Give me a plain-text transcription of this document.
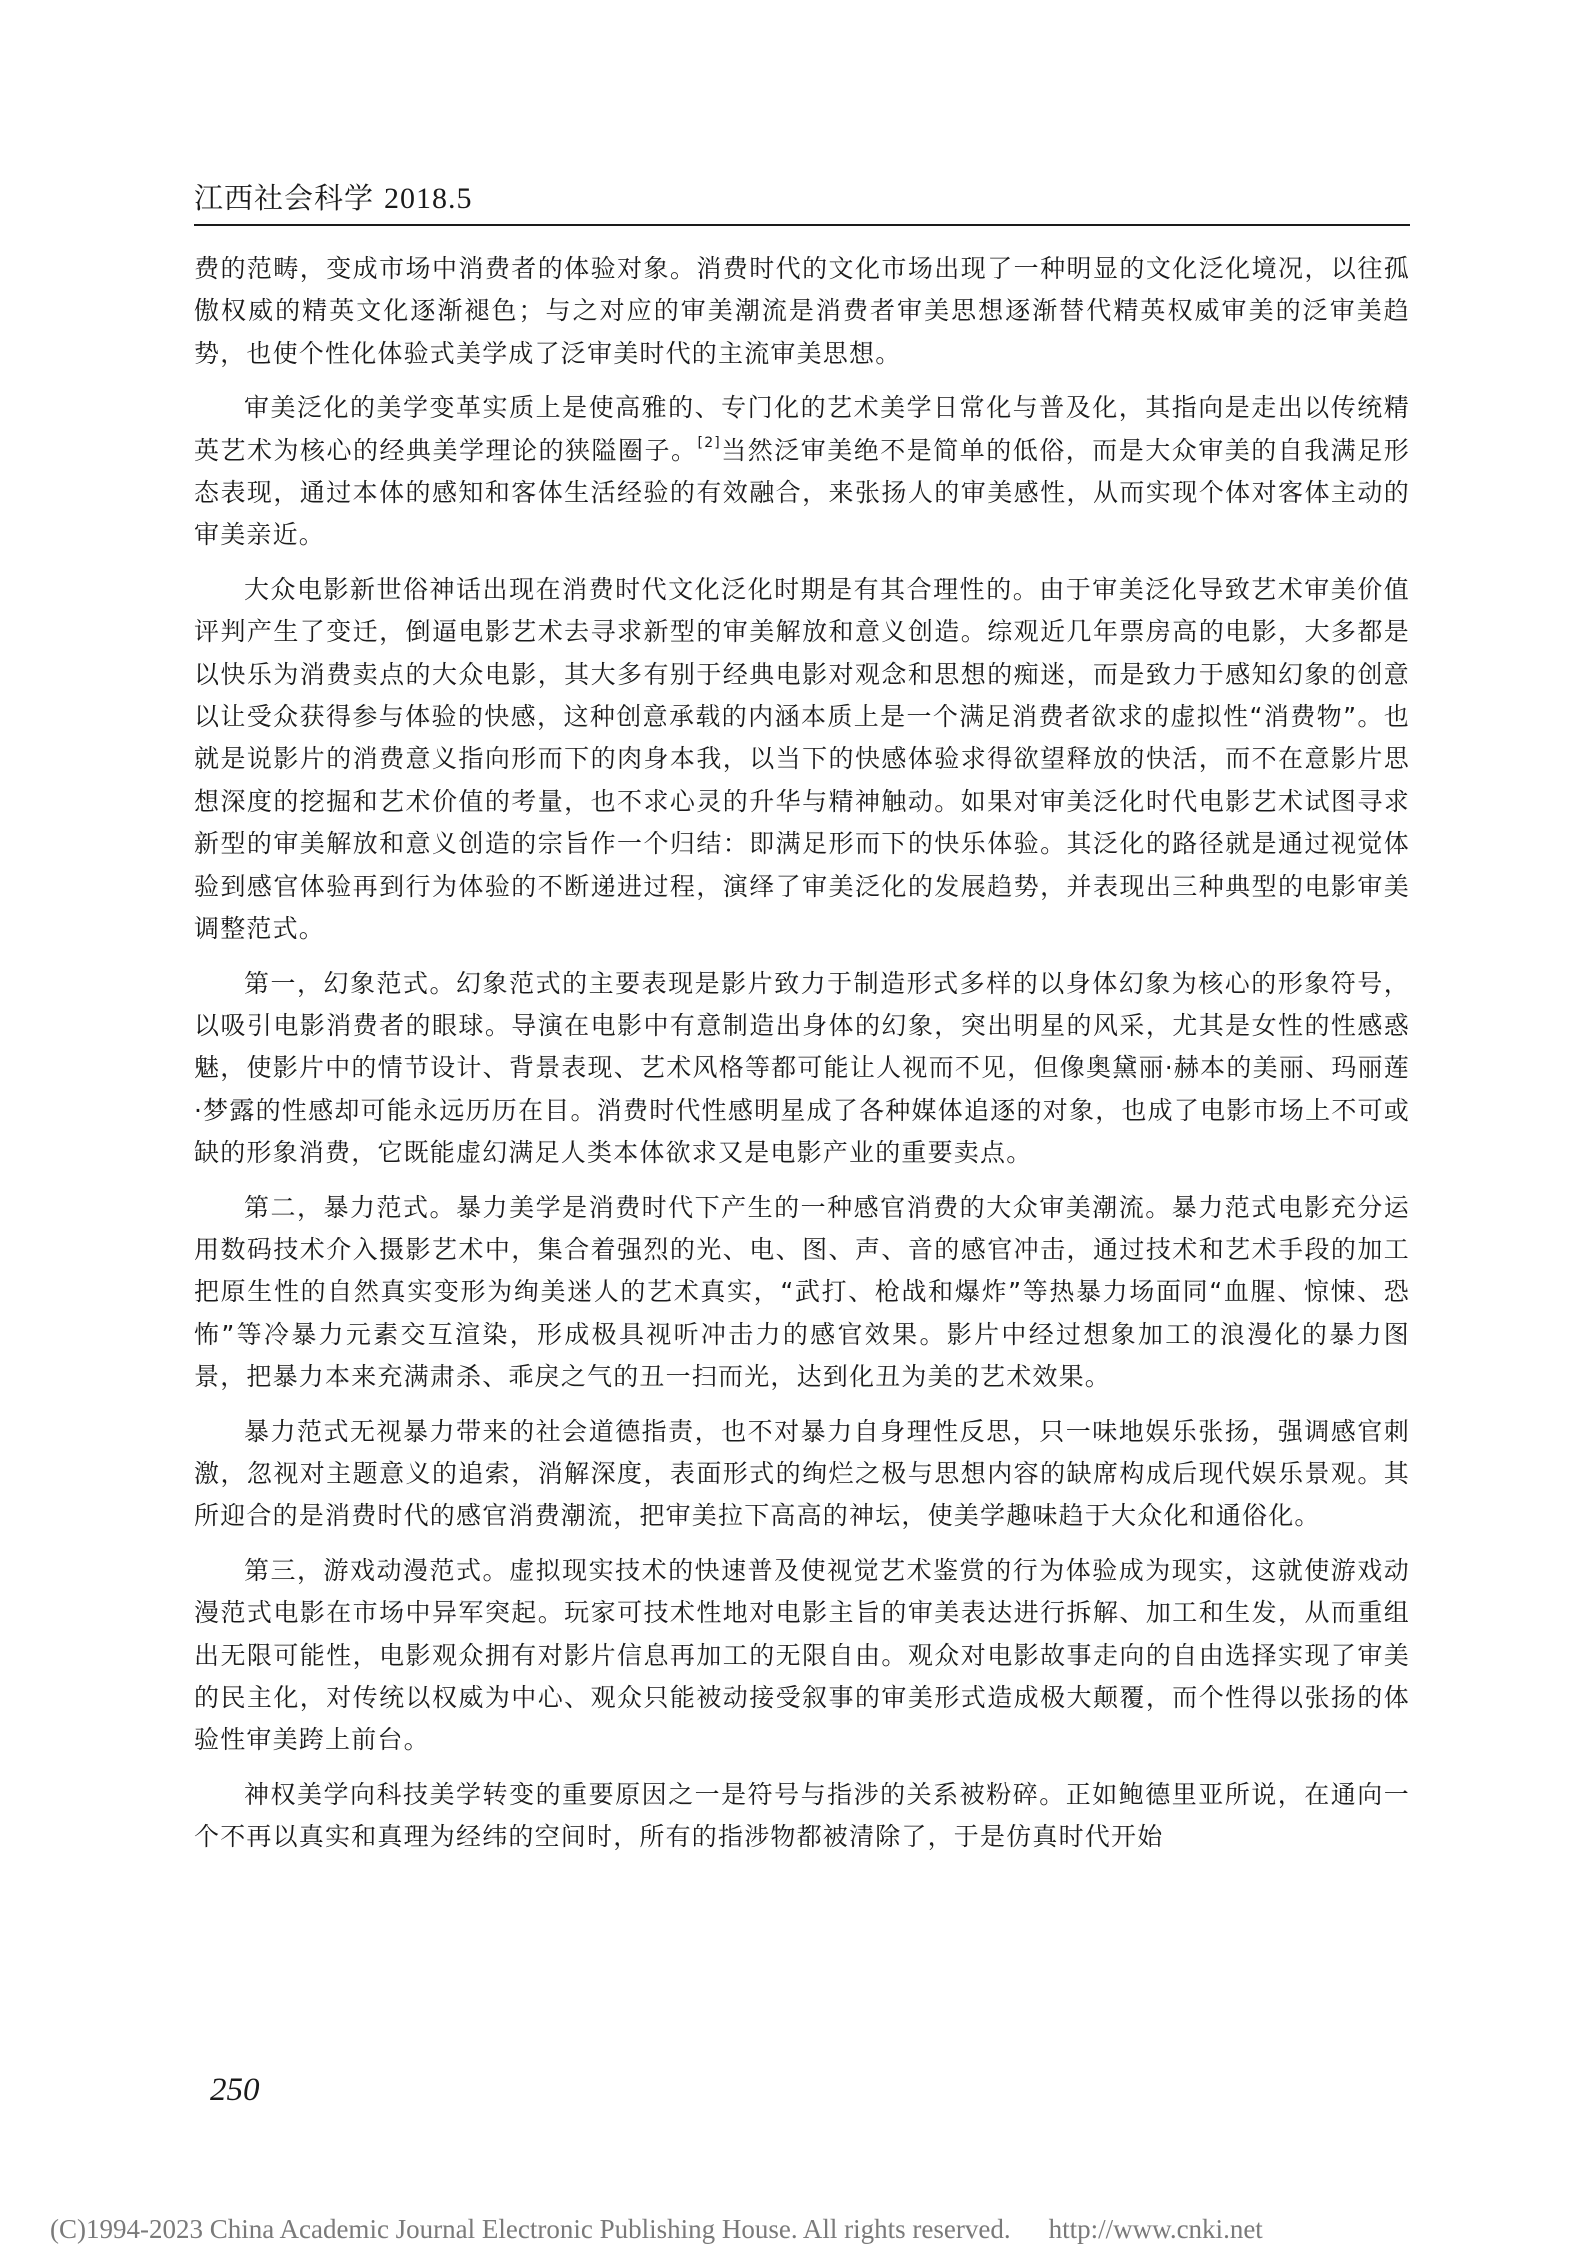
江西社会科学 2018.5

费的范畴，变成市场中消费者的体验对象。消费时代的文化市场出现了一种明显的文化泛化境况，以往孤傲权威的精英文化逐渐褪色；与之对应的审美潮流是消费者审美思想逐渐替代精英权威审美的泛审美趋势，也使个性化体验式美学成了泛审美时代的主流审美思想。

审美泛化的美学变革实质上是使高雅的、专门化的艺术美学日常化与普及化，其指向是走出以传统精英艺术为核心的经典美学理论的狭隘圈子。[2]当然泛审美绝不是简单的低俗，而是大众审美的自我满足形态表现，通过本体的感知和客体生活经验的有效融合，来张扬人的审美感性，从而实现个体对客体主动的审美亲近。

大众电影新世俗神话出现在消费时代文化泛化时期是有其合理性的。由于审美泛化导致艺术审美价值评判产生了变迁，倒逼电影艺术去寻求新型的审美解放和意义创造。综观近几年票房高的电影，大多都是以快乐为消费卖点的大众电影，其大多有别于经典电影对观念和思想的痴迷，而是致力于感知幻象的创意以让受众获得参与体验的快感，这种创意承载的内涵本质上是一个满足消费者欲求的虚拟性“消费物”。也就是说影片的消费意义指向形而下的肉身本我，以当下的快感体验求得欲望释放的快活，而不在意影片思想深度的挖掘和艺术价值的考量，也不求心灵的升华与精神触动。如果对审美泛化时代电影艺术试图寻求新型的审美解放和意义创造的宗旨作一个归结：即满足形而下的快乐体验。其泛化的路径就是通过视觉体验到感官体验再到行为体验的不断递进过程，演绎了审美泛化的发展趋势，并表现出三种典型的电影审美调整范式。

第一，幻象范式。幻象范式的主要表现是影片致力于制造形式多样的以身体幻象为核心的形象符号，以吸引电影消费者的眼球。导演在电影中有意制造出身体的幻象，突出明星的风采，尤其是女性的性感惑魅，使影片中的情节设计、背景表现、艺术风格等都可能让人视而不见，但像奥黛丽·赫本的美丽、玛丽莲·梦露的性感却可能永远历历在目。消费时代性感明星成了各种媒体追逐的对象，也成了电影市场上不可或缺的形象消费，它既能虚幻满足人类本体欲求又是电影产业的重要卖点。

第二，暴力范式。暴力美学是消费时代下产生的一种感官消费的大众审美潮流。暴力范式电影充分运用数码技术介入摄影艺术中，集合着强烈的光、电、图、声、音的感官冲击，通过技术和艺术手段的加工把原生性的自然真实变形为绚美迷人的艺术真实，“武打、枪战和爆炸”等热暴力场面同“血腥、惊悚、恐怖”等冷暴力元素交互渲染，形成极具视听冲击力的感官效果。影片中经过想象加工的浪漫化的暴力图景，把暴力本来充满肃杀、乖戾之气的丑一扫而光，达到化丑为美的艺术效果。

暴力范式无视暴力带来的社会道德指责，也不对暴力自身理性反思，只一味地娱乐张扬，强调感官刺激，忽视对主题意义的追索，消解深度，表面形式的绚烂之极与思想内容的缺席构成后现代娱乐景观。其所迎合的是消费时代的感官消费潮流，把审美拉下高高的神坛，使美学趣味趋于大众化和通俗化。

第三，游戏动漫范式。虚拟现实技术的快速普及使视觉艺术鉴赏的行为体验成为现实，这就使游戏动漫范式电影在市场中异军突起。玩家可技术性地对电影主旨的审美表达进行拆解、加工和生发，从而重组出无限可能性，电影观众拥有对影片信息再加工的无限自由。观众对电影故事走向的自由选择实现了审美的民主化，对传统以权威为中心、观众只能被动接受叙事的审美形式造成极大颠覆，而个性得以张扬的体验性审美跨上前台。

神权美学向科技美学转变的重要原因之一是符号与指涉的关系被粉碎。正如鲍德里亚所说，在通向一个不再以真实和真理为经纬的空间时，所有的指涉物都被清除了，于是仿真时代开始

250
(C)1994-2023 China Academic Journal Electronic Publishing House. All rights reserved. http://www.cnki.net
